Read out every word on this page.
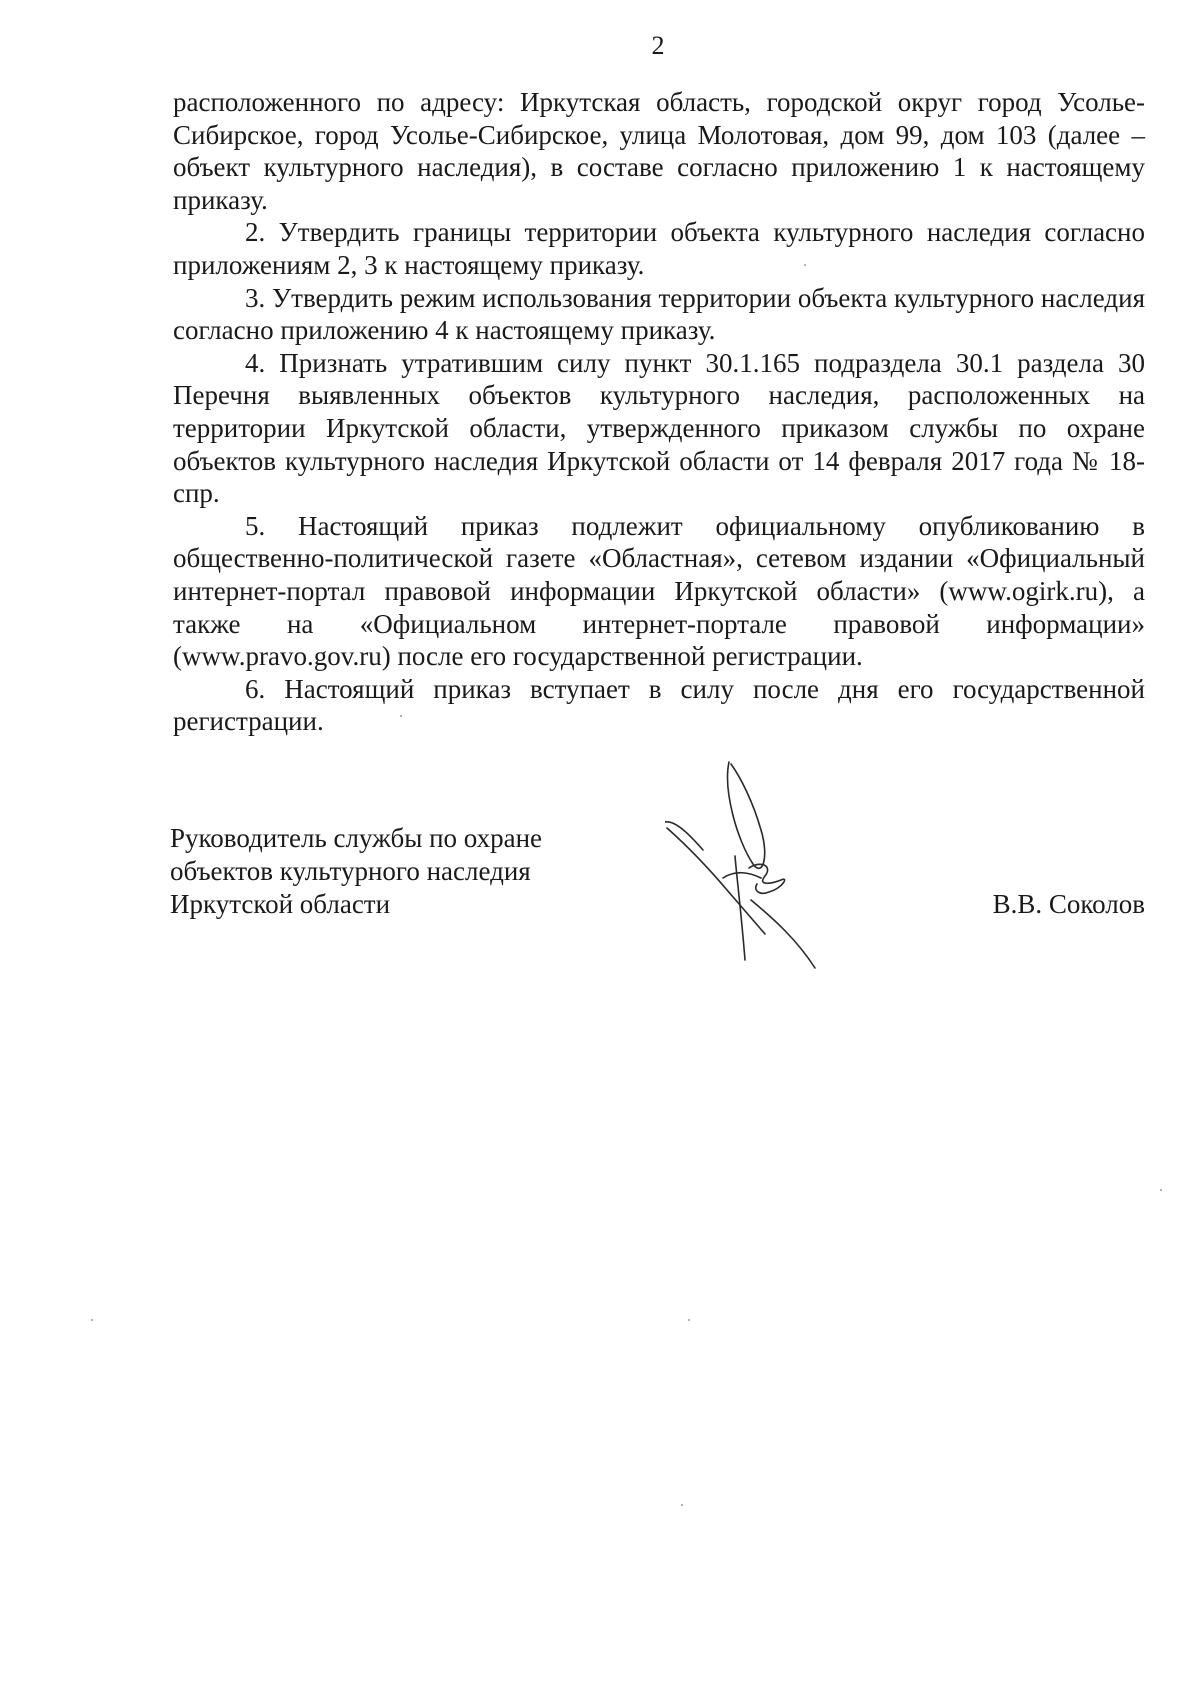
2

расположенного по адресу: Иркутская область, городской округ город Усолье-Сибирское, город Усолье-Сибирское, улица Молотовая, дом 99, дом 103 (далее – объект культурного наследия), в составе согласно приложению 1 к настоящему приказу.

2. Утвердить границы территории объекта культурного наследия согласно приложениям 2, 3 к настоящему приказу.

3. Утвердить режим использования территории объекта культурного наследия согласно приложению 4 к настоящему приказу.

4. Признать утратившим силу пункт 30.1.165 подраздела 30.1 раздела 30 Перечня выявленных объектов культурного наследия, расположенных на территории Иркутской области, утвержденного приказом службы по охране объектов культурного наследия Иркутской области от 14 февраля 2017 года № 18-спр.

5. Настоящий приказ подлежит официальному опубликованию в общественно-политической газете «Областная», сетевом издании «Официальный интернет-портал правовой информации Иркутской области» (www.ogirk.ru), а также на «Официальном интернет-портале правовой информации» (www.pravo.gov.ru) после его государственной регистрации.

6. Настоящий приказ вступает в силу после дня его государственной регистрации.

Руководитель службы по охране
объектов культурного наследия
Иркутской области	В.В. Соколов
